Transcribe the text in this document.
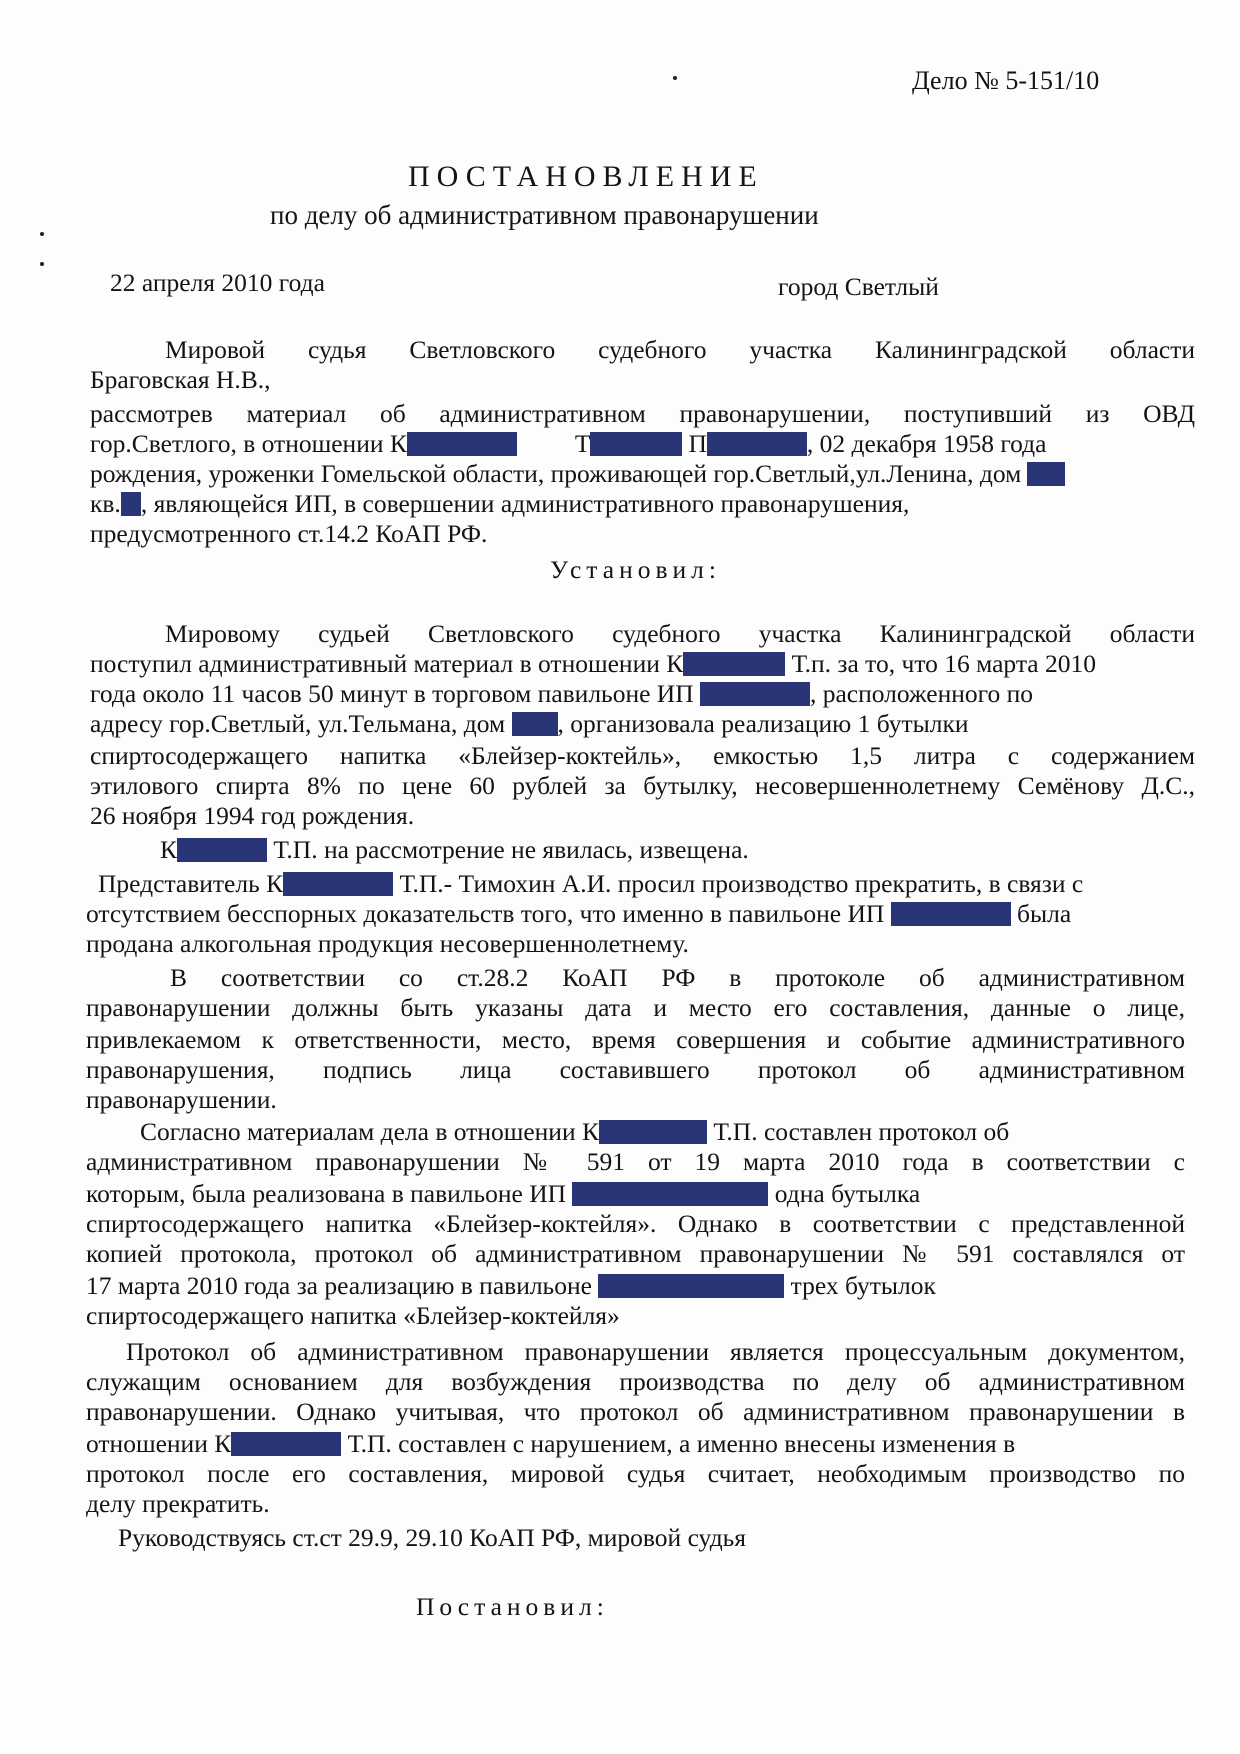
Дело № 5-151/10
ПОСТАНОВЛЕНИЕ
по делу об административном правонарушении
22 апреля 2010 года	город Светлый
Мировой судья Светловского судебного участка Калининградской области
Браговская Н.В.,
рассмотрев материал об административном правонарушении, поступивший из ОВД
гор.Светлого, в отношении К	Т	П	, 02 декабря 1958 года
рождения, уроженки Гомельской области, проживающей гор.Светлый,ул.Ленина, дом
кв. , являющейся ИП, в совершении административного правонарушения,
предусмотренного ст.14.2 КоАП РФ.
Установил:
Мировому судьей Светловского судебного участка Калининградской области
поступил административный материал в отношении К	Т.п. за то, что 16 марта 2010
года около 11 часов 50 минут в торговом павильоне ИП	, расположенного по
адресу гор.Светлый, ул.Тельмана, дом , организовала реализацию 1 бутылки
спиртосодержащего напитка «Блейзер-коктейль», емкостью 1,5 литра с содержанием
этилового спирта 8% по цене 60 рублей за бутылку, несовершеннолетнему Семёнову Д.С.,
26 ноября 1994 год рождения.
К	Т.П. на рассмотрение не явилась, извещена.
Представитель К	Т.П.- Тимохин А.И. просил производство прекратить, в связи с
отсутствием бесспорных доказательств того, что именно в павильоне ИП	была
продана алкогольная продукция несовершеннолетнему.
В соответствии со ст.28.2 КоАП РФ в протоколе об административном
правонарушении должны быть указаны дата и место его составления, данные о лице,
привлекаемом к ответственности, место, время совершения и событие административного
правонарушения, подпись лица составившего протокол об административном
правонарушении.
Согласно материалам дела в отношении К	Т.П. составлен протокол об
административном правонарушении № 591 от 19 марта 2010 года в соответствии с
которым, была реализована в павильоне ИП	одна бутылка
спиртосодержащего напитка «Блейзер-коктейля». Однако в соответствии с представленной
копией протокола, протокол об административном правонарушении № 591 составлялся от
17 марта 2010 года за реализацию в павильоне	трех бутылок
спиртосодержащего напитка «Блейзер-коктейля»
Протокол об административном правонарушении является процессуальным документом,
служащим основанием для возбуждения производства по делу об административном
правонарушении. Однако учитывая, что протокол об административном правонарушении в
отношении К	Т.П. составлен с нарушением, а именно внесены изменения в
протокол после его составления, мировой судья считает, необходимым производство по
делу прекратить.
Руководствуясь ст.ст 29.9, 29.10 КоАП РФ, мировой судья
Постановил:
